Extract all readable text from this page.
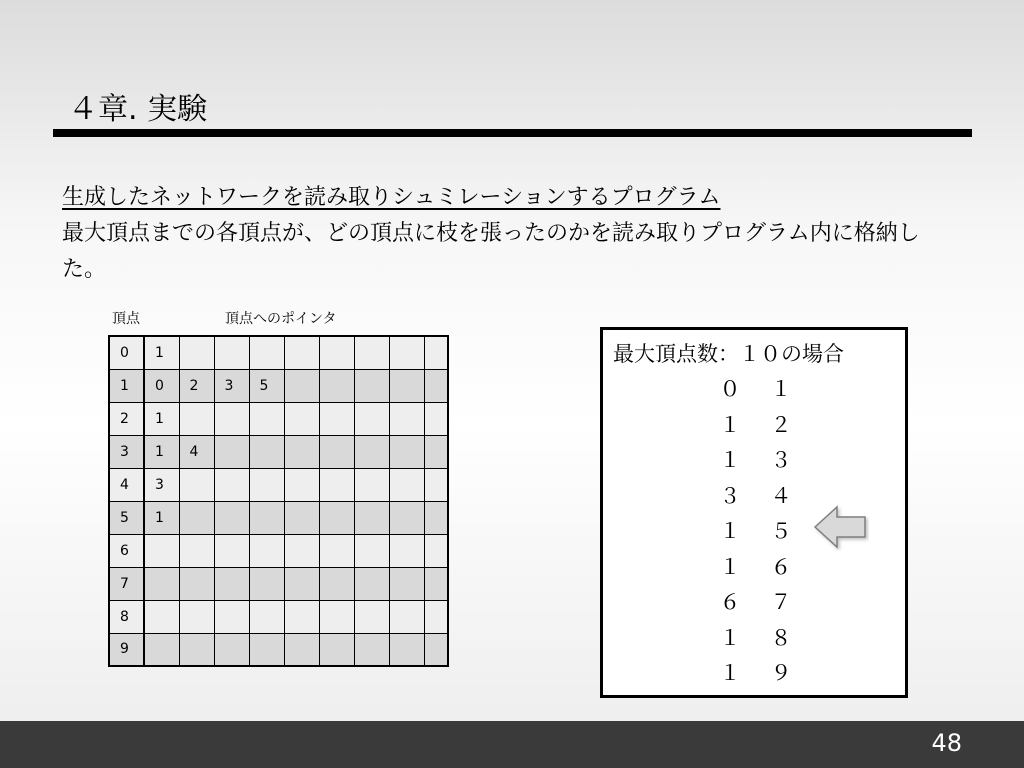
４章. 実験
生成したネットワークを読み取りシュミレーションするプログラム
最大頂点までの各頂点が、どの頂点に枝を張ったのかを読み取りプログラム内に格納した。
頂点	頂点へのポインタ
0	1								
1	0	2	3	5					
2	1								
3	1	4							
4	3								
5	1								
6									
7									
8									
9									
最大頂点数：１０の場合
０ １
１ ２
１ ３
３ ４
１ ５
１ ６
６ ７
１ ８
１ ９
48
